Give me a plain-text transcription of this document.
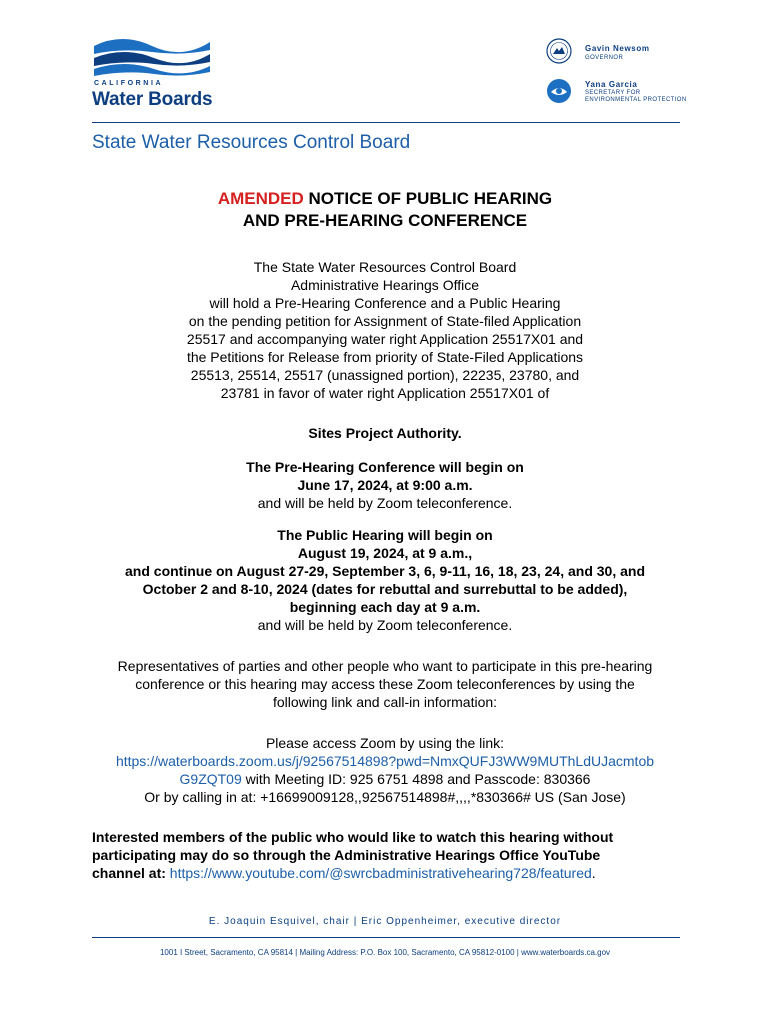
CALIFORNIA
Water Boards
Gavin Newsom
GOVERNOR
Yana Garcia
SECRETARY FOR
ENVIRONMENTAL PROTECTION
State Water Resources Control Board
AMENDED NOTICE OF PUBLIC HEARING
AND PRE-HEARING CONFERENCE

The State Water Resources Control Board

Administrative Hearings Office

will hold a Pre-Hearing Conference and a Public Hearing

on the pending petition for Assignment of State-filed Application

25517 and accompanying water right Application 25517X01 and

the Petitions for Release from priority of State-Filed Applications

25513, 25514, 25517 (unassigned portion), 22235, 23780, and

23781 in favor of water right Application 25517X01 of

Sites Project Authority.

The Pre-Hearing Conference will begin on

June 17, 2024, at 9:00 a.m.

and will be held by Zoom teleconference.

The Public Hearing will begin on

August 19, 2024, at 9 a.m.,

and continue on August 27-29, September 3, 6, 9-11, 16, 18, 23, 24, and 30, and

October 2 and 8-10, 2024 (dates for rebuttal and surrebuttal to be added),

beginning each day at 9 a.m.

and will be held by Zoom teleconference.

Representatives of parties and other people who want to participate in this pre-hearing

conference or this hearing may access these Zoom teleconferences by using the

following link and call-in information:

Please access Zoom by using the link:

https://waterboards.zoom.us/j/92567514898?pwd=NmxQUFJ3WW9MUThLdUJacmtob

G9ZQT09 with Meeting ID: 925 6751 4898 and Passcode: 830366

Or by calling in at: +16699009128,,92567514898#,,,,*830366# US (San Jose)

Interested members of the public who would like to watch this hearing without
participating may do so through the Administrative Hearings Office YouTube
channel at: https://www.youtube.com/@swrcbadministrativehearing728/featured.
E. Joaquin Esquivel, chair | Eric Oppenheimer, executive director
1001 I Street, Sacramento, CA 95814 | Mailing Address: P.O. Box 100, Sacramento, CA 95812-0100 | www.waterboards.ca.gov
